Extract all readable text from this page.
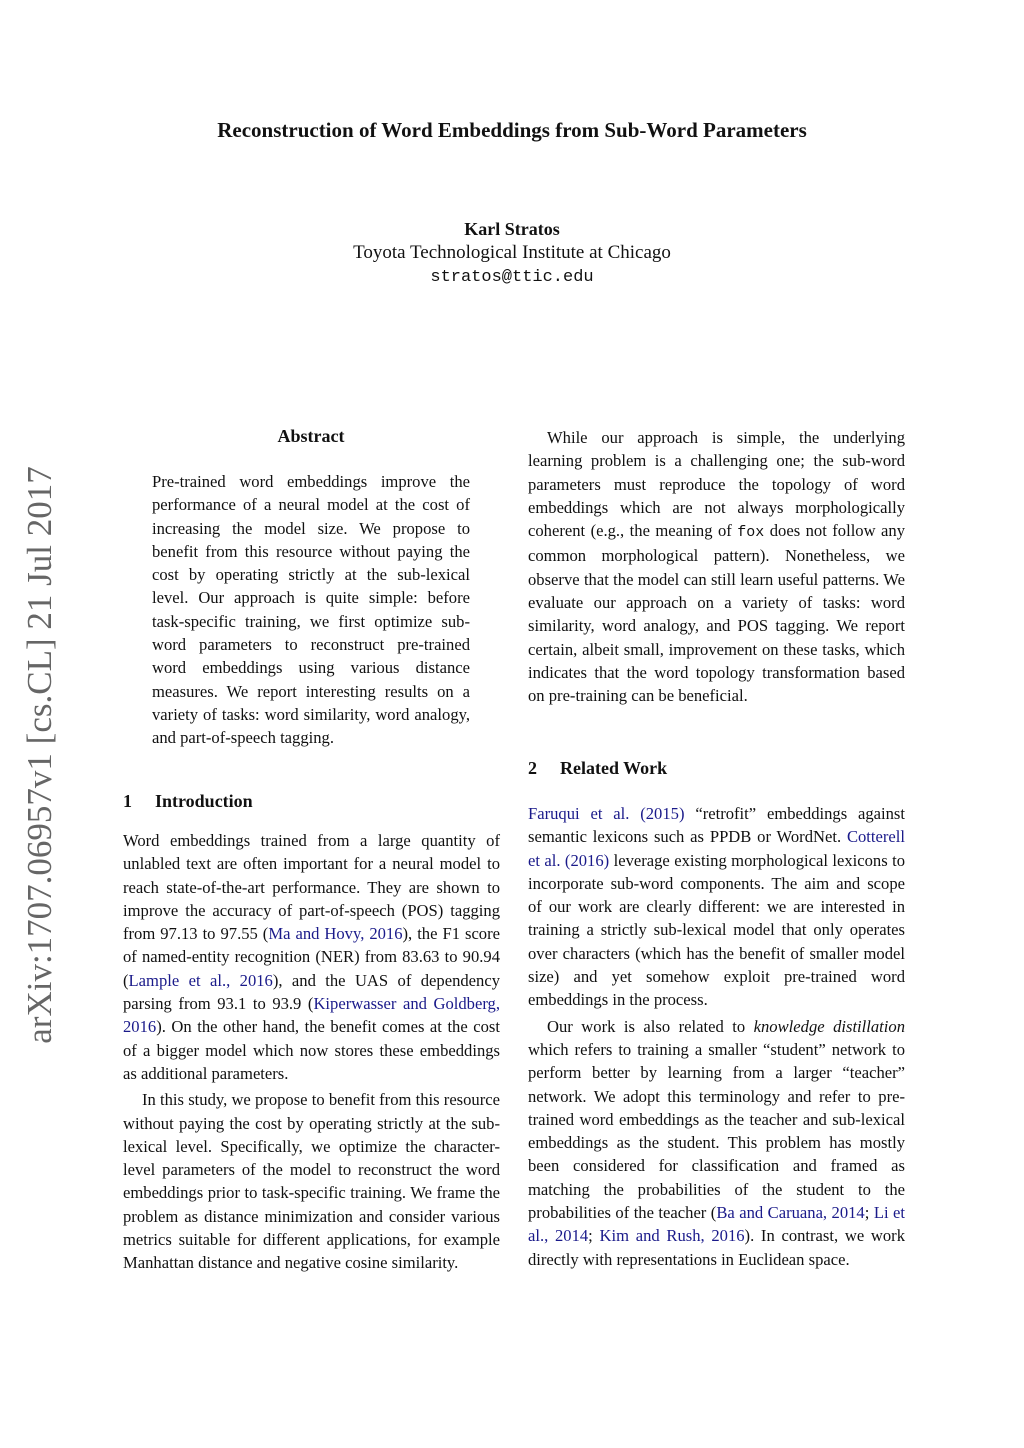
Reconstruction of Word Embeddings from Sub-Word Parameters
Karl Stratos
Toyota Technological Institute at Chicago
stratos@ttic.edu
arXiv:1707.06957v1 [cs.CL] 21 Jul 2017
Abstract

Pre-trained word embeddings improve the performance of a neural model at the cost of increasing the model size. We propose to benefit from this resource without paying the cost by operating strictly at the sub-lexical level. Our approach is quite simple: before task-specific training, we first optimize sub-word parameters to reconstruct pre-trained word embeddings using various distance measures. We report interesting results on a variety of tasks: word similarity, word analogy, and part-of-speech tagging.

1 Introduction

Word embeddings trained from a large quantity of unlabled text are often important for a neural model to reach state-of-the-art performance. They are shown to improve the accuracy of part-of-speech (POS) tagging from 97.13 to 97.55 (Ma and Hovy, 2016), the F1 score of named-entity recognition (NER) from 83.63 to 90.94 (Lample et al., 2016), and the UAS of dependency parsing from 93.1 to 93.9 (Kiperwasser and Goldberg, 2016). On the other hand, the benefit comes at the cost of a bigger model which now stores these embeddings as additional parameters.

In this study, we propose to benefit from this resource without paying the cost by operating strictly at the sub-lexical level. Specifically, we optimize the character-level parameters of the model to reconstruct the word embeddings prior to task-specific training. We frame the problem as distance minimization and consider various metrics suitable for different applications, for example Manhattan distance and negative cosine similarity.

While our approach is simple, the underlying learning problem is a challenging one; the sub-word parameters must reproduce the topology of word embeddings which are not always morphologically coherent (e.g., the meaning of fox does not follow any common morphological pattern). Nonetheless, we observe that the model can still learn useful patterns. We evaluate our approach on a variety of tasks: word similarity, word analogy, and POS tagging. We report certain, albeit small, improvement on these tasks, which indicates that the word topology transformation based on pre-training can be beneficial.

2 Related Work

Faruqui et al. (2015) “retrofit” embeddings against semantic lexicons such as PPDB or WordNet. Cotterell et al. (2016) leverage existing morphological lexicons to incorporate sub-word components. The aim and scope of our work are clearly different: we are interested in training a strictly sub-lexical model that only operates over characters (which has the benefit of smaller model size) and yet somehow exploit pre-trained word embeddings in the process.

Our work is also related to knowledge distillation which refers to training a smaller “student” network to perform better by learning from a larger “teacher” network. We adopt this terminology and refer to pre-trained word embeddings as the teacher and sub-lexical embeddings as the student. This problem has mostly been considered for classification and framed as matching the probabilities of the student to the probabilities of the teacher (Ba and Caruana, 2014; Li et al., 2014; Kim and Rush, 2016). In contrast, we work directly with representations in Euclidean space.
